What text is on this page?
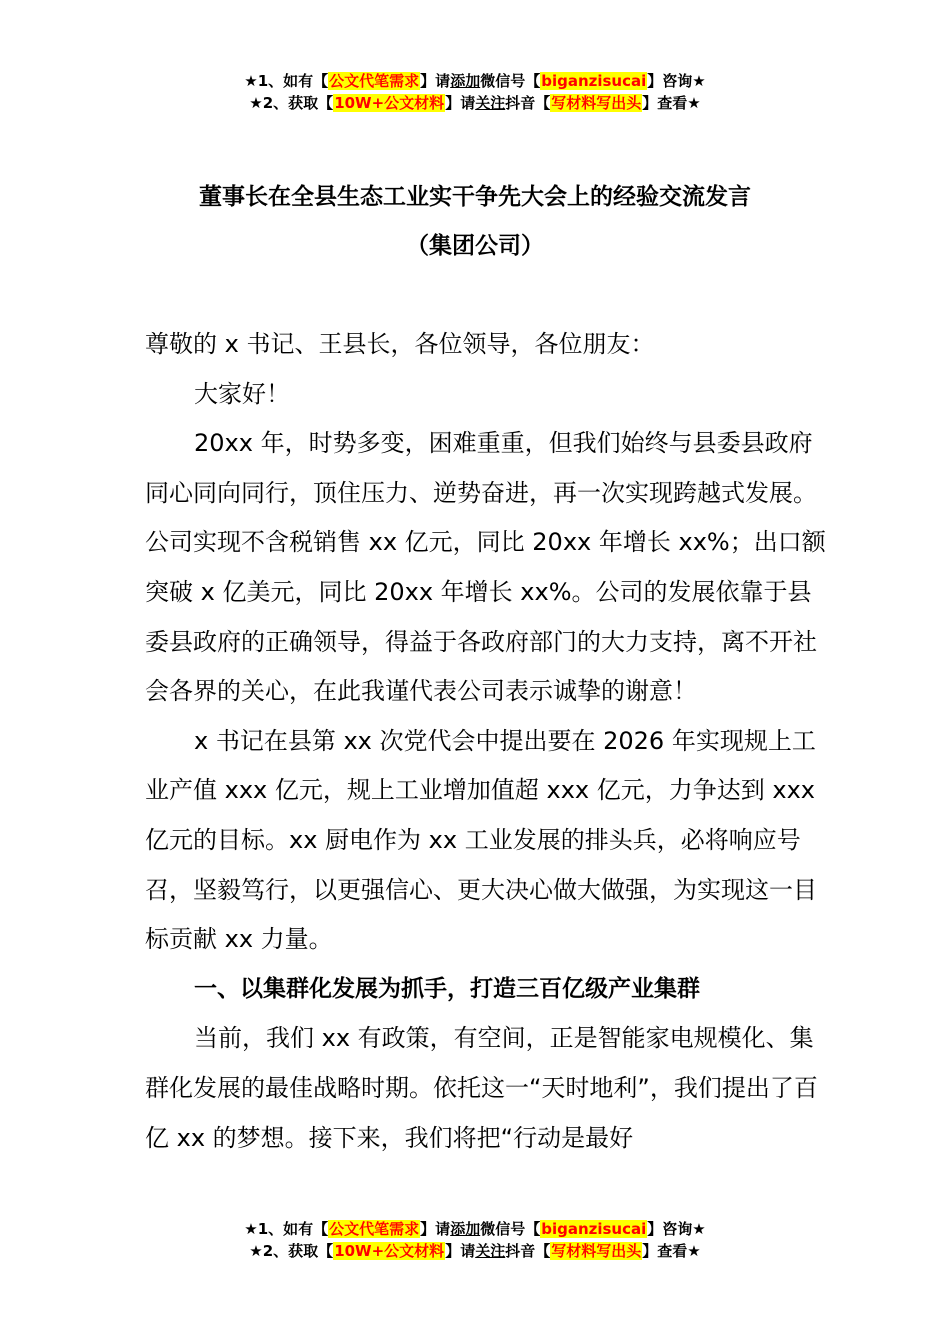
★1、如有【公文代笔需求】请添加微信号【biganzisucai】咨询★
★2、获取【10W+公文材料】请关注抖音【写材料写出头】查看★
董事长在全县生态工业实干争先大会上的经验交流发言
（集团公司）

尊敬的 x 书记、王县长，各位领导，各位朋友：

大家好！

20xx 年，时势多变，困难重重，但我们始终与县委县政府同心同向同行，顶住压力、逆势奋进，再一次实现跨越式发展。公司实现不含税销售 xx 亿元，同比 20xx 年增长 xx%；出口额突破 x 亿美元，同比 20xx 年增长 xx%。公司的发展依靠于县委县政府的正确领导，得益于各政府部门的大力支持，离不开社会各界的关心，在此我谨代表公司表示诚挚的谢意！

x 书记在县第 xx 次党代会中提出要在 2026 年实现规上工业产值 xxx 亿元，规上工业增加值超 xxx 亿元，力争达到 xxx 亿元的目标。xx 厨电作为 xx 工业发展的排头兵，必将响应号召，坚毅笃行，以更强信心、更大决心做大做强，为实现这一目标贡献 xx 力量。

一、以集群化发展为抓手，打造三百亿级产业集群

当前，我们 xx 有政策，有空间，正是智能家电规模化、集群化发展的最佳战略时期。依托这一“天时地利”，我们提出了百亿 xx 的梦想。接下来，我们将把“行动是最好

★1、如有【公文代笔需求】请添加微信号【biganzisucai】咨询★
★2、获取【10W+公文材料】请关注抖音【写材料写出头】查看★
